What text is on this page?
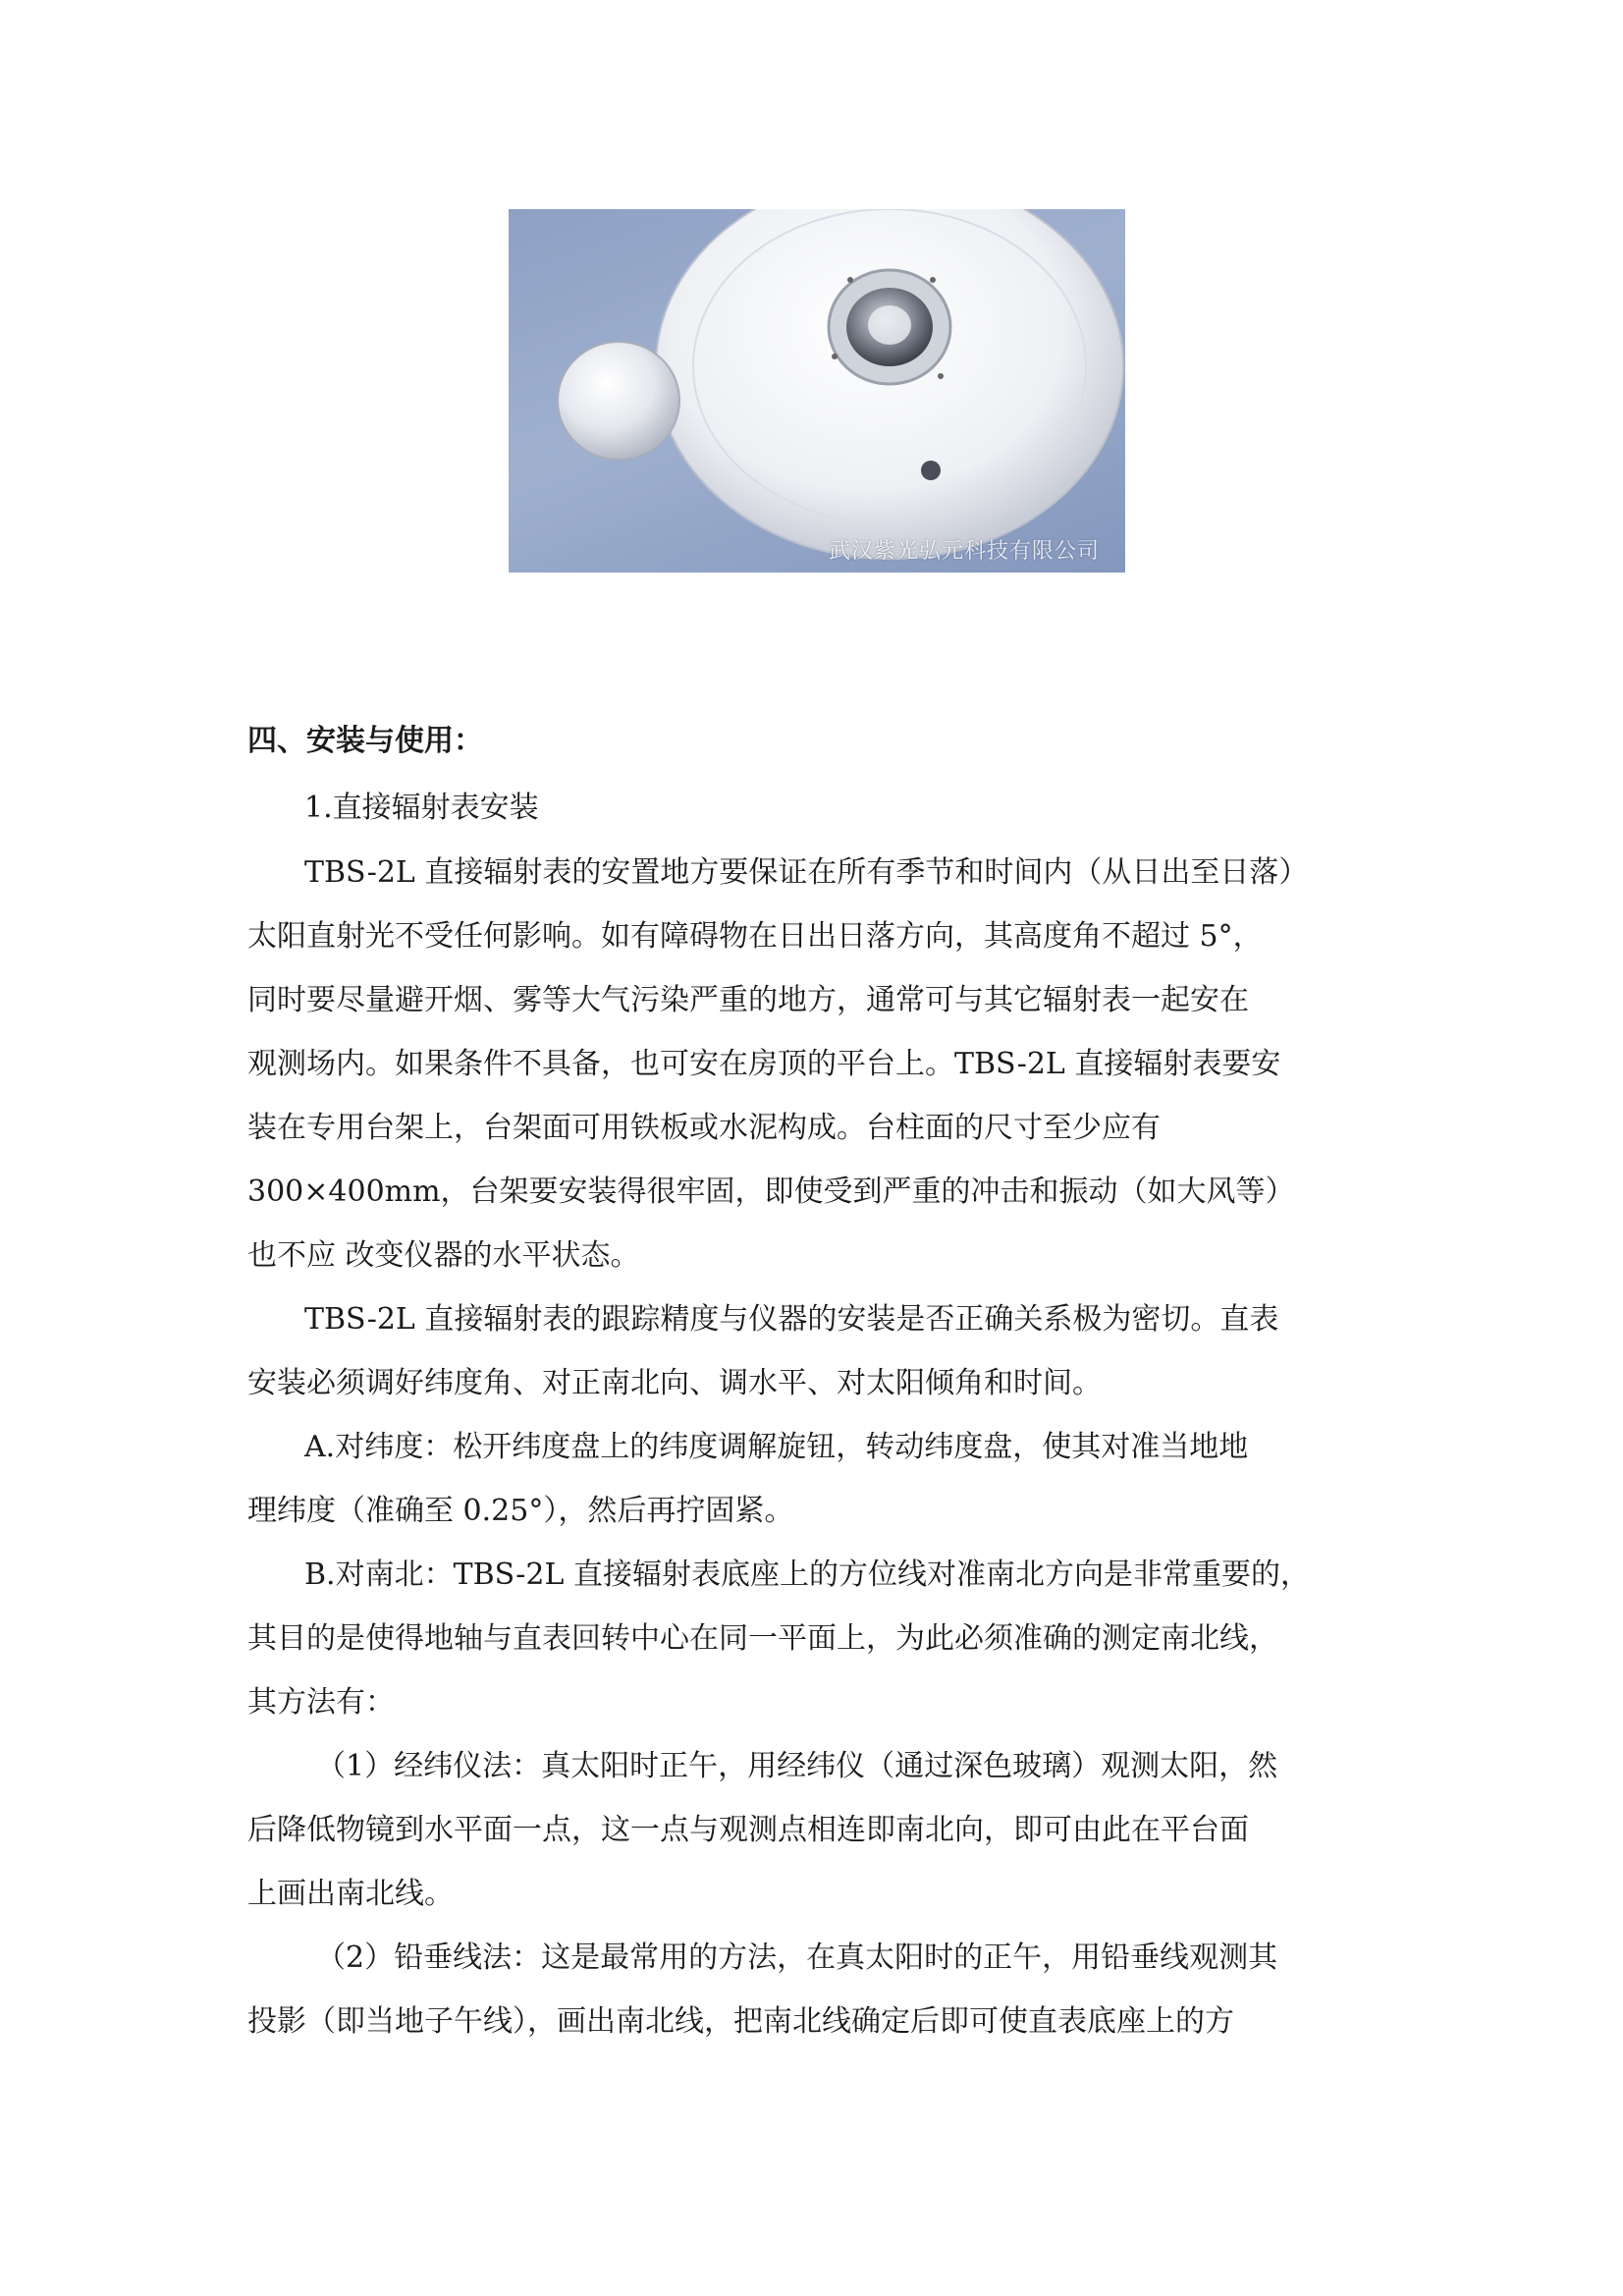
武汉紫光弘元科技有限公司
四、安装与使用：
1.直接辐射表安装
TBS-2L 直接辐射表的安置地方要保证在所有季节和时间内（从日出至日落）
太阳直射光不受任何影响。如有障碍物在日出日落方向，其高度角不超过 5°，
同时要尽量避开烟、雾等大气污染严重的地方，通常可与其它辐射表一起安在
观测场内。如果条件不具备，也可安在房顶的平台上。TBS-2L 直接辐射表要安
装在专用台架上，台架面可用铁板或水泥构成。台柱面的尺寸至少应有
300×400mm，台架要安装得很牢固，即使受到严重的冲击和振动（如大风等）
也不应 改变仪器的水平状态。
TBS-2L 直接辐射表的跟踪精度与仪器的安装是否正确关系极为密切。直表
安装必须调好纬度角、对正南北向、调水平、对太阳倾角和时间。
A.对纬度：松开纬度盘上的纬度调解旋钮，转动纬度盘，使其对准当地地
理纬度（准确至 0.25°），然后再拧固紧。
B.对南北：TBS-2L 直接辐射表底座上的方位线对准南北方向是非常重要的，
其目的是使得地轴与直表回转中心在同一平面上，为此必须准确的测定南北线，
其方法有：
（1）经纬仪法：真太阳时正午，用经纬仪（通过深色玻璃）观测太阳，然
后降低物镜到水平面一点，这一点与观测点相连即南北向，即可由此在平台面
上画出南北线。
（2）铅垂线法：这是最常用的方法，在真太阳时的正午，用铅垂线观测其
投影（即当地子午线），画出南北线，把南北线确定后即可使直表底座上的方
